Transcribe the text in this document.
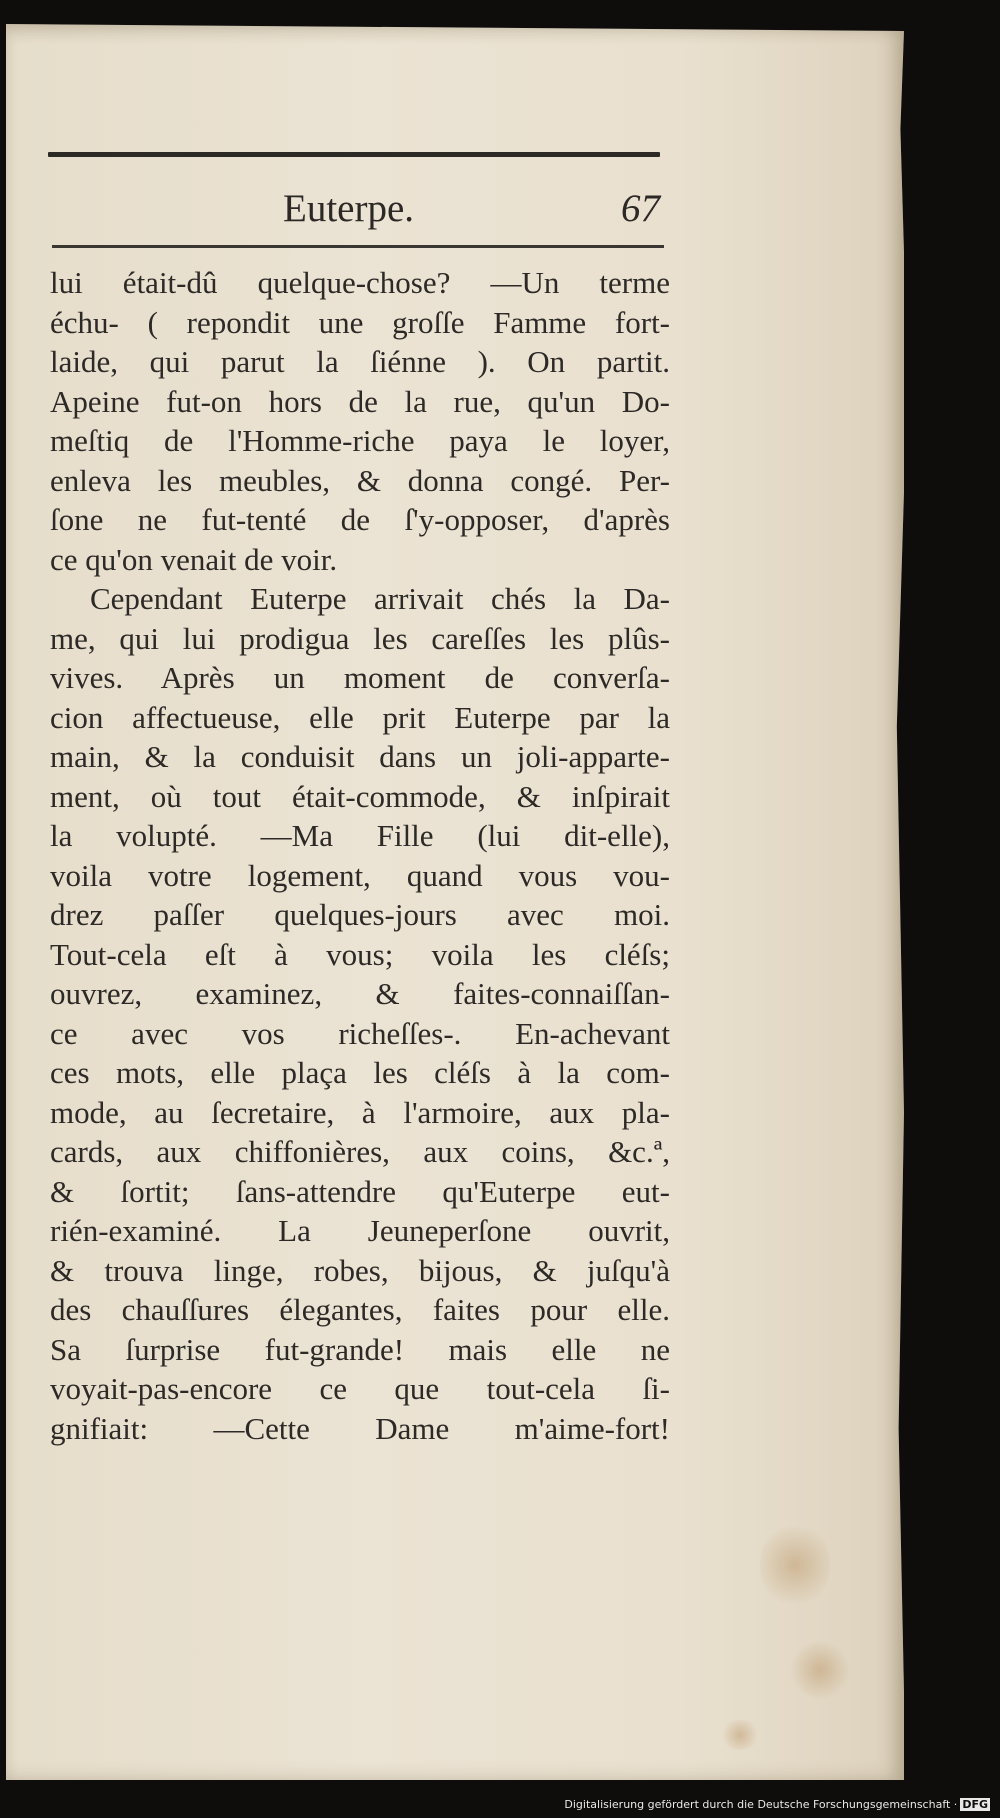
Euterpe.	67
lui était-dû quelque-chose? —Un terme
échu- ( repondit une groſſe Famme fort-
laide, qui parut la ſiénne ). On partit.
Apeine fut-on hors de la rue, qu'un Do-
meſtiq de l'Homme-riche paya le loyer,
enleva les meubles, & donna congé. Per-
ſone ne fut-tenté de ſ'y-opposer, d'après
ce qu'on venait de voir.
Cependant Euterpe arrivait chés la Da-
me, qui lui prodigua les careſſes les plûs-
vives. Après un moment de converſa-
cion affectueuse, elle prit Euterpe par la
main, & la conduisit dans un joli-apparte-
ment, où tout était-commode, & inſpirait
la volupté. —Ma Fille (lui dit-elle),
voila votre logement, quand vous vou-
drez paſſer quelques-jours avec moi.
Tout-cela eſt à vous; voila les cléſs;
ouvrez, examinez, & faites-connaiſſan-
ce avec vos richeſſes-. En-achevant
ces mots, elle plaça les cléſs à la com-
mode, au ſecretaire, à l'armoire, aux pla-
cards, aux chiffonières, aux coins, &c.ª,
& ſortit; ſans-attendre qu'Euterpe eut-
rién-examiné. La Jeuneperſone ouvrit,
& trouva linge, robes, bijous, & juſqu'à
des chauſſures élegantes, faites pour elle.
Sa ſurprise fut-grande! mais elle ne
voyait-pas-encore ce que tout-cela ſi-
gnifiait: —Cette Dame m'aime-fort!
Digitalisierung gefördert durch die Deutsche Forschungsgemeinschaft · DFG
